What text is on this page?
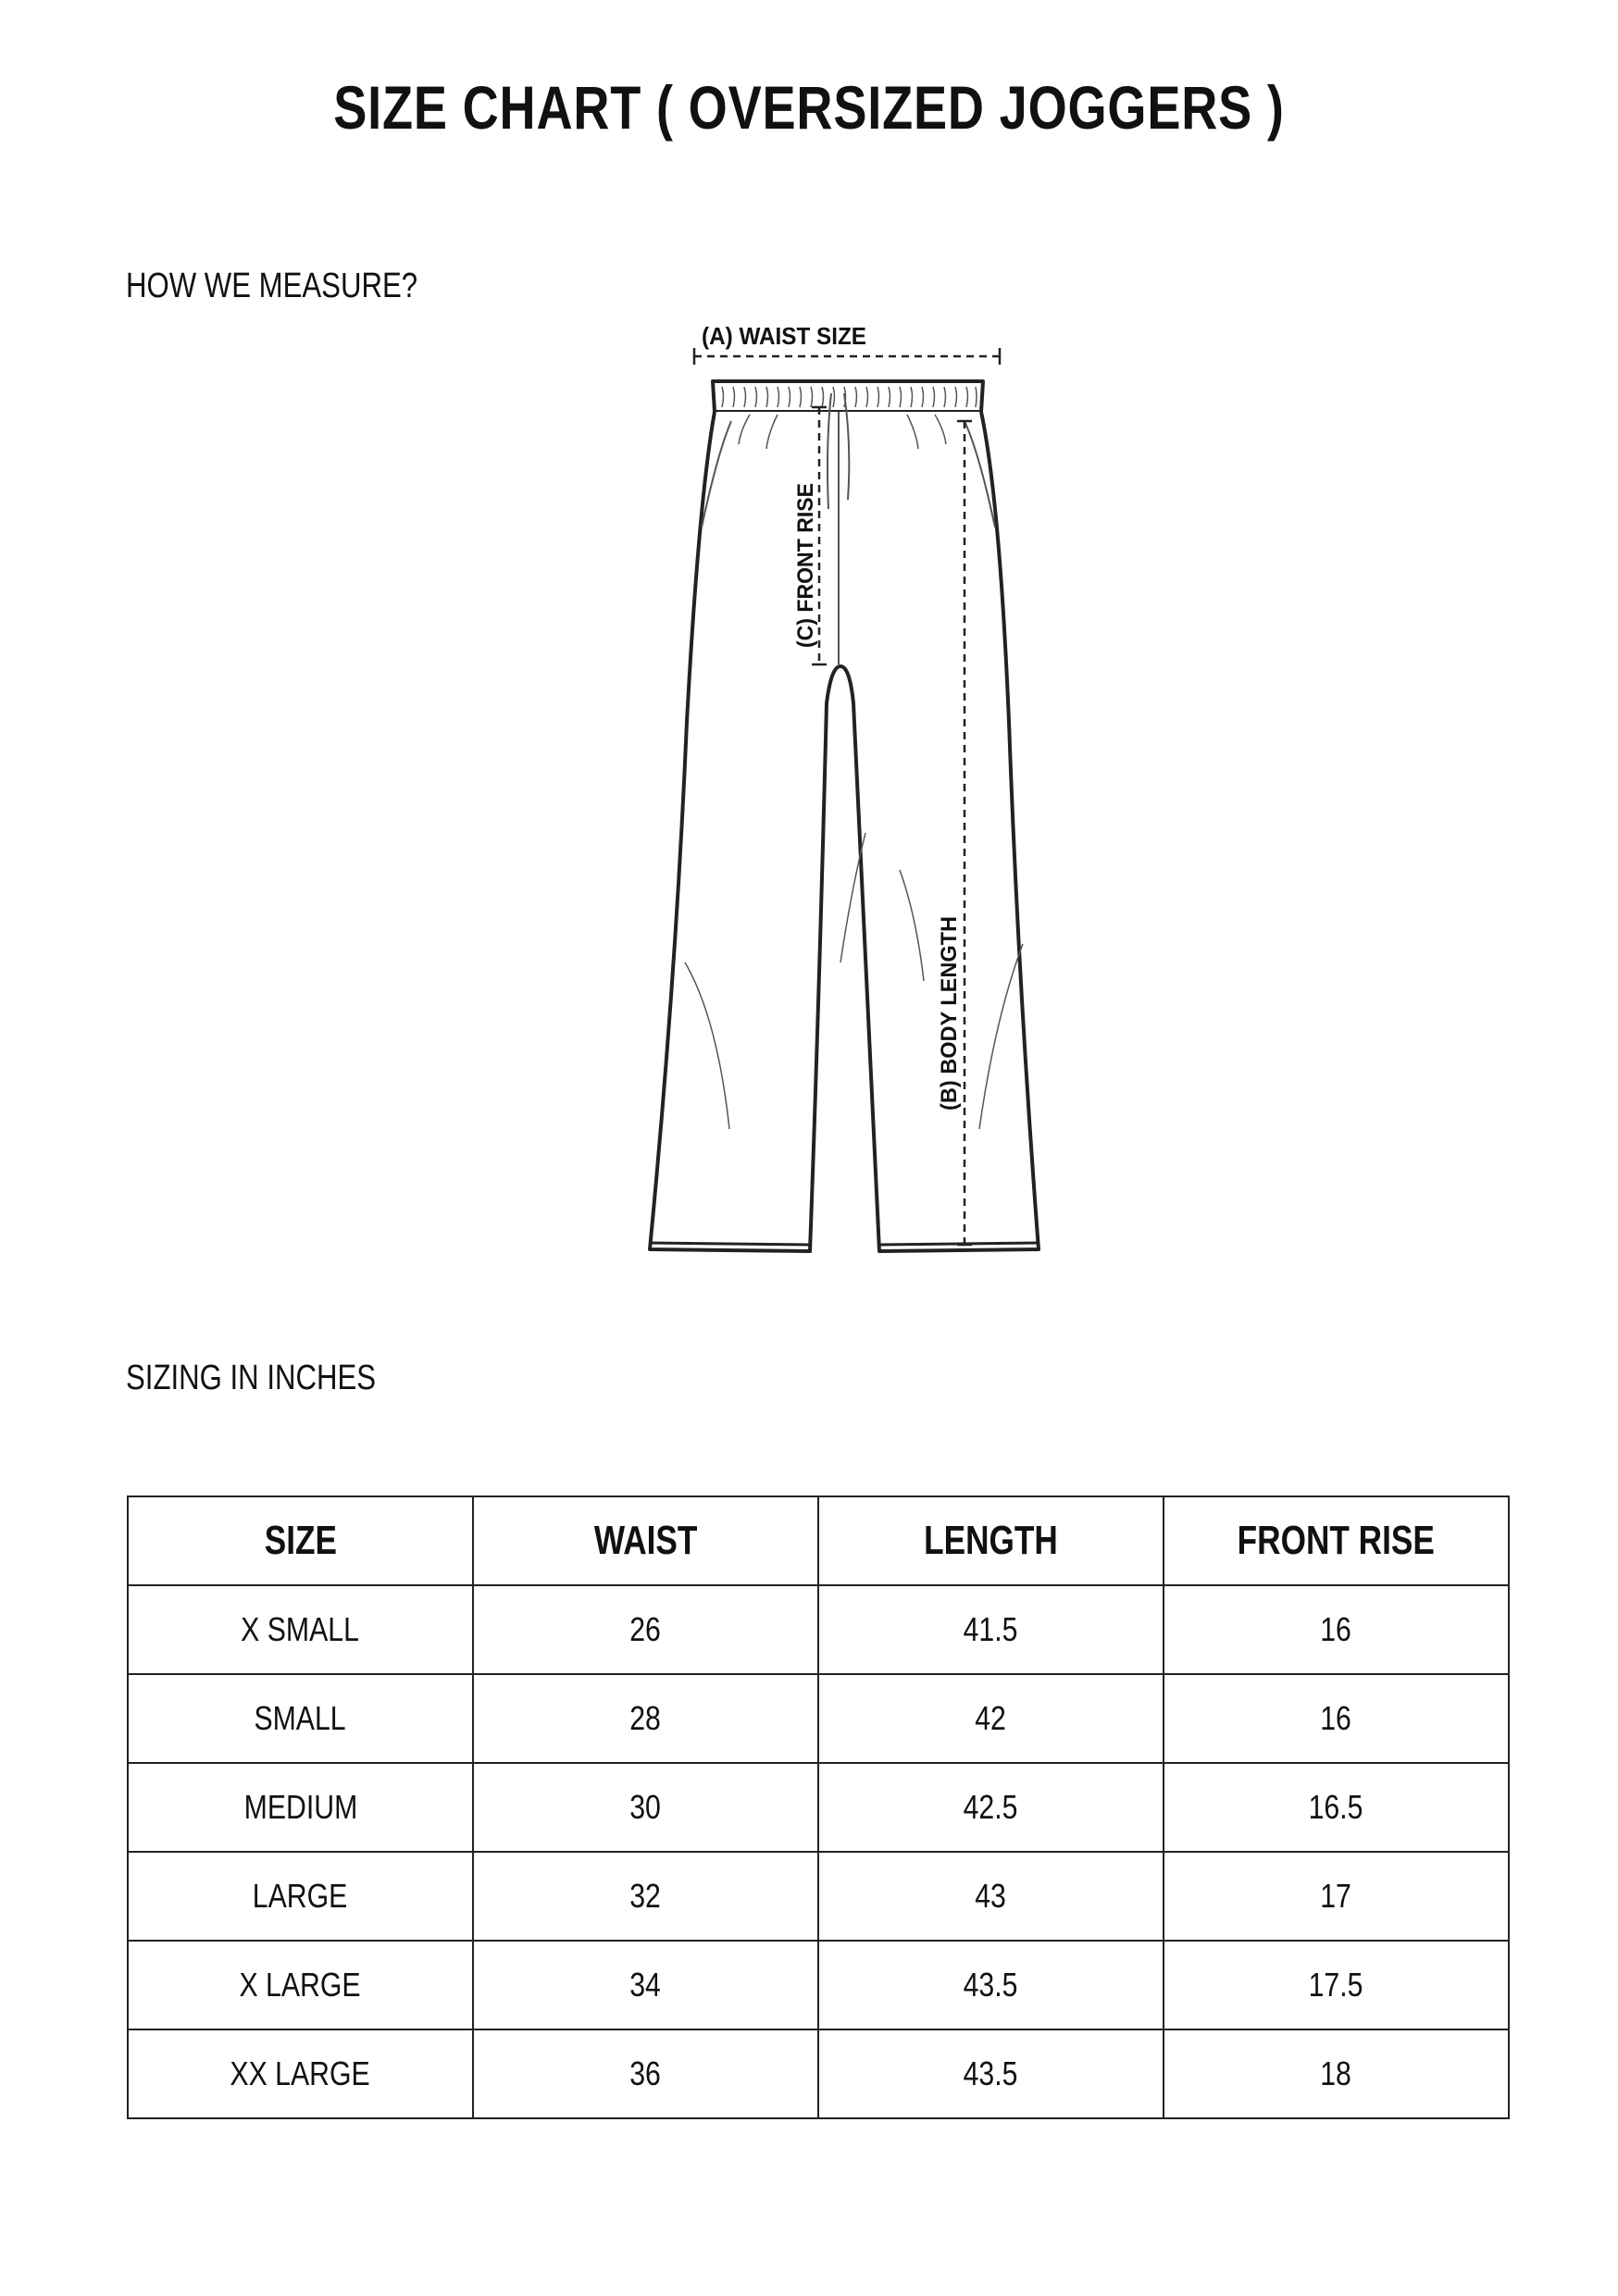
SIZE CHART ( OVERSIZED JOGGERS )
HOW WE MEASURE?
(A) WAIST SIZE
(C) FRONT RISE
(B) BODY LENGTH
SIZING IN INCHES
SIZE	WAIST	LENGTH	FRONT RISE
X SMALL	26	41.5	16
SMALL	28	42	16
MEDIUM	30	42.5	16.5
LARGE	32	43	17
X LARGE	34	43.5	17.5
XX LARGE	36	43.5	18
